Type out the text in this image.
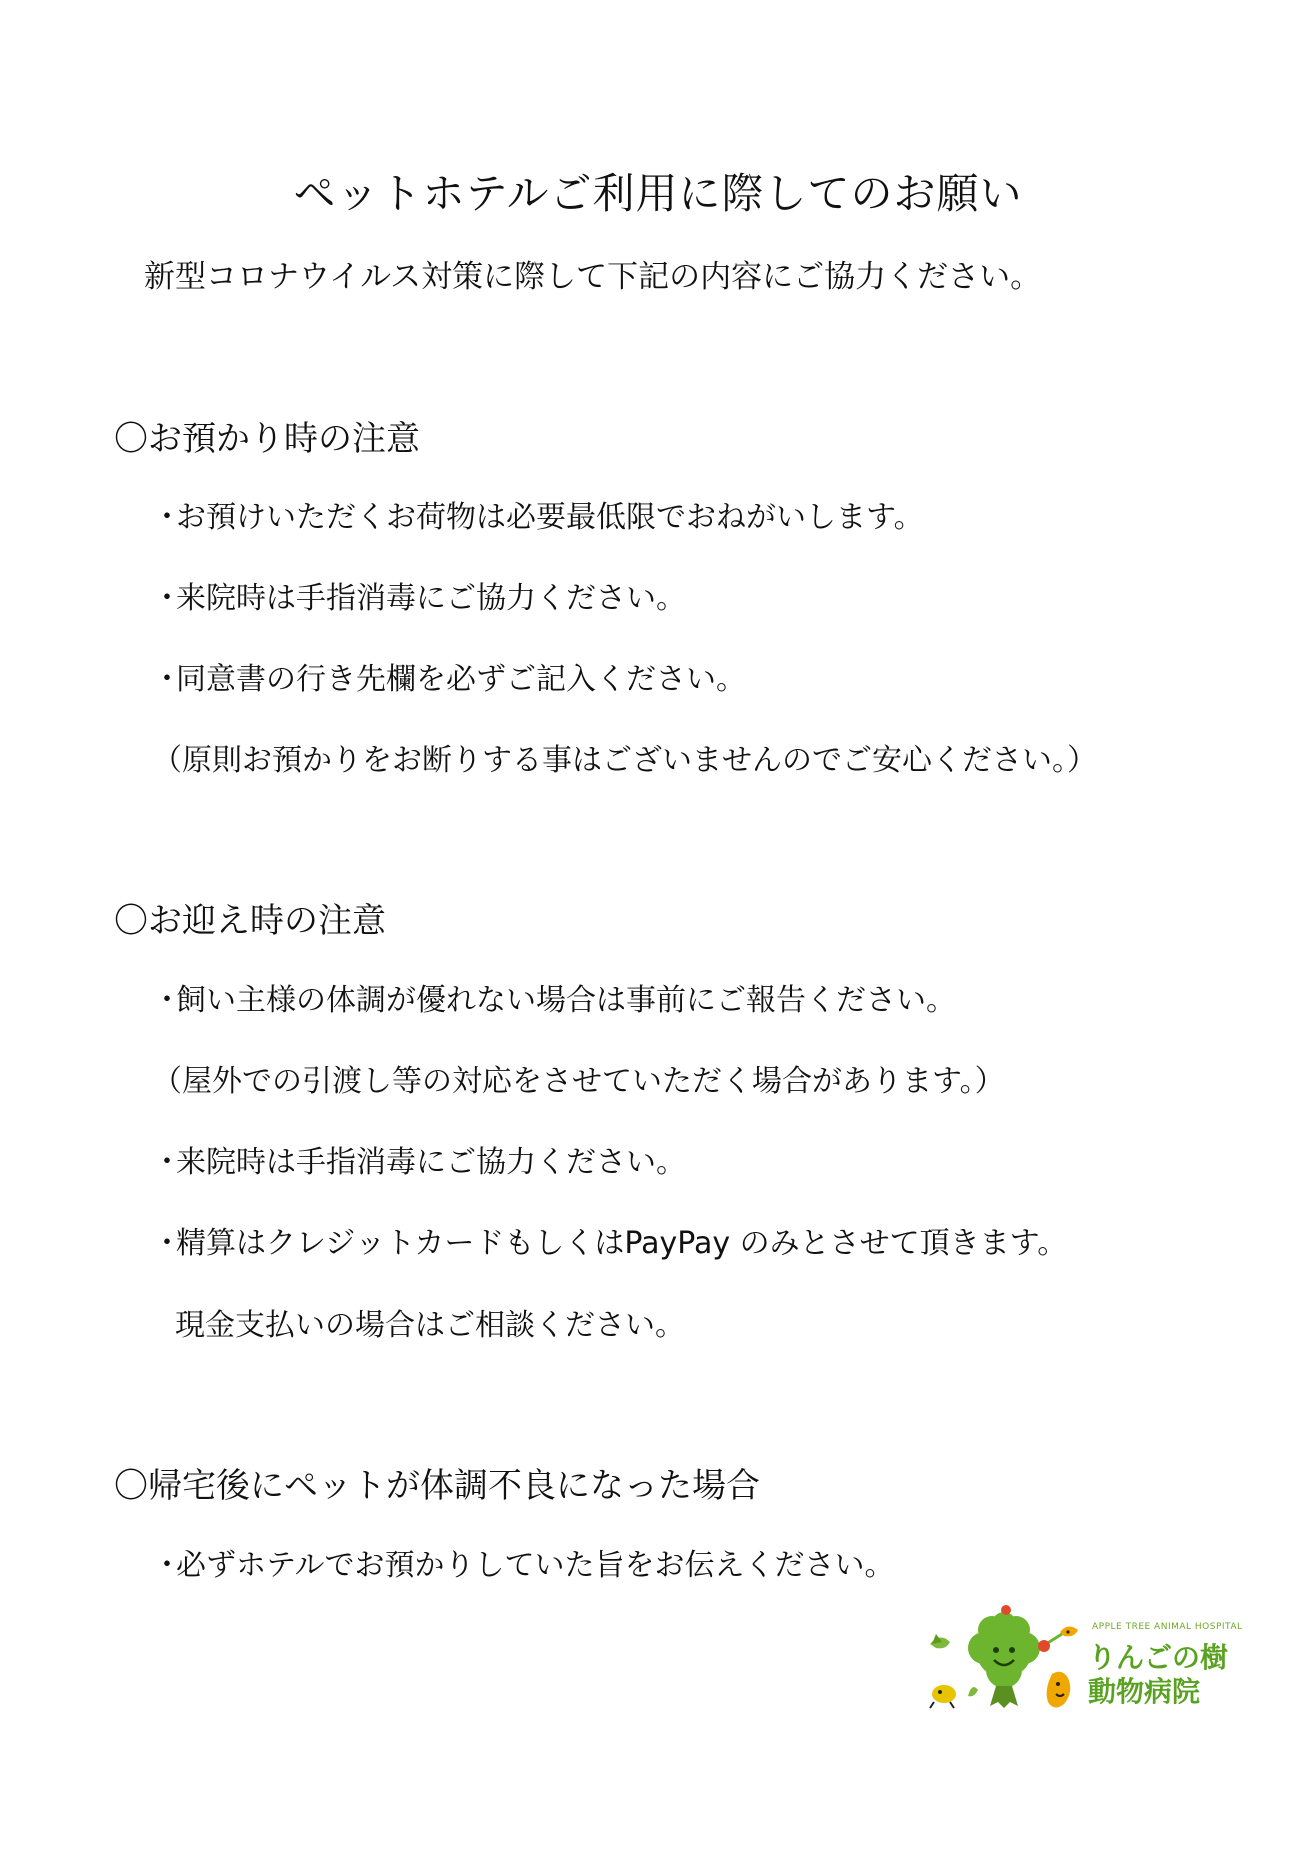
ペットホテルご利用に際してのお願い
新型コロナウイルス対策に際して下記の内容にご協力ください。
〇お預かり時の注意
・お預けいただくお荷物は必要最低限でおねがいします。
・来院時は手指消毒にご協力ください。
・同意書の行き先欄を必ずご記入ください。
（原則お預かりをお断りする事はございませんのでご安心ください。）
〇お迎え時の注意
・飼い主様の体調が優れない場合は事前にご報告ください。
（屋外での引渡し等の対応をさせていただく場合があります。）
・来院時は手指消毒にご協力ください。
・精算はクレジットカードもしくはPayPay のみとさせて頂きます。
現金支払いの場合はご相談ください。
〇帰宅後にペットが体調不良になった場合
・必ずホテルでお預かりしていた旨をお伝えください。
APPLE TREE ANIMAL HOSPITAL
りんごの樹
動物病院
